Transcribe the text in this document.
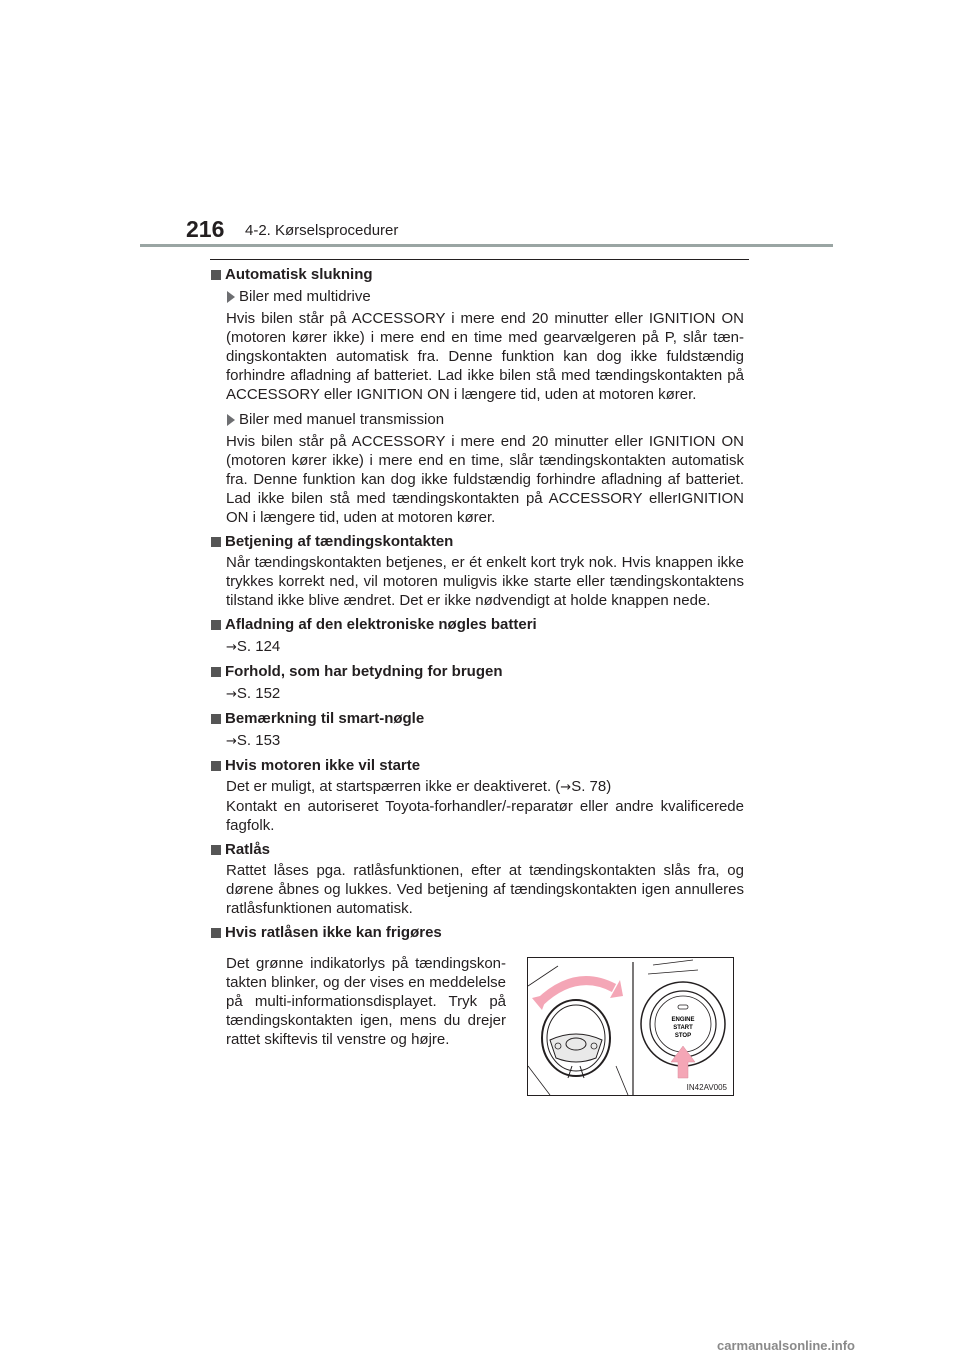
216 4-2. Kørselsprocedurer

Automatisk slukning

Biler med multidrive

Hvis bilen står på ACCESSORY i mere end 20 minutter eller IGNITION ON (motoren kører ikke) i mere end en time med gearvælgeren på P, slår tæn-dingskontakten automatisk fra. Denne funktion kan dog ikke fuldstændig forhindre afladning af batteriet. Lad ikke bilen stå med tændingskontakten på ACCESSORY eller IGNITION ON i længere tid, uden at motoren kører.

Biler med manuel transmission

Hvis bilen står på ACCESSORY i mere end 20 minutter eller IGNITION ON (motoren kører ikke) i mere end en time, slår tændingskontakten automatisk fra. Denne funktion kan dog ikke fuldstændig forhindre afladning af batteriet. Lad ikke bilen stå med tændingskontakten på ACCESSORY ellerIGNITION ON i længere tid, uden at motoren kører.

Betjening af tændingskontakten

Når tændingskontakten betjenes, er ét enkelt kort tryk nok. Hvis knappen ikke trykkes korrekt ned, vil motoren muligvis ikke starte eller tændingskontaktens tilstand ikke blive ændret. Det er ikke nødvendigt at holde knappen nede.

Afladning af den elektroniske nøgles batteri

→S. 124

Forhold, som har betydning for brugen

→S. 152

Bemærkning til smart-nøgle

→S. 153

Hvis motoren ikke vil starte

Det er muligt, at startspærren ikke er deaktiveret. (→S. 78)

Kontakt en autoriseret Toyota-forhandler/-reparatør eller andre kvalificerede fagfolk.

Ratlås

Rattet låses pga. ratlåsfunktionen, efter at tændingskontakten slås fra, og dørene åbnes og lukkes. Ved betjening af tændingskontakten igen annulleres ratlåsfunktionen automatisk.

Hvis ratlåsen ikke kan frigøres

Det grønne indikatorlys på tændingskon-takten blinker, og der vises en meddelelse på multi-informationsdisplayet. Tryk på tændingskontakten igen, mens du drejer rattet skiftevis til venstre og højre.

ENGINE
START
STOP
IN42AV005
carmanualsonline.info
